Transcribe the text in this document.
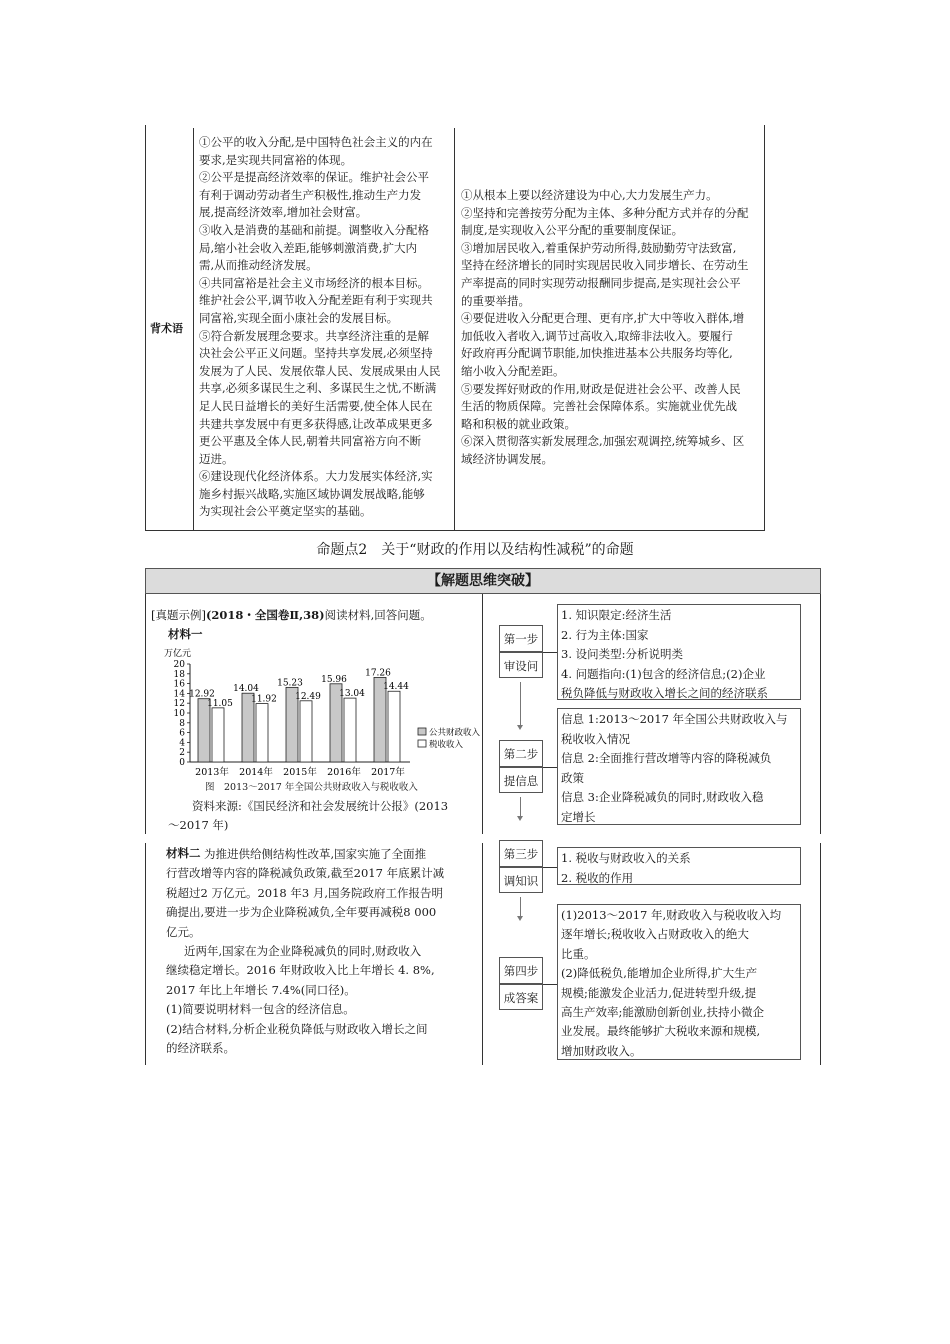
背术语
①公平的收入分配,是中国特色社会主义的内在
要求,是实现共同富裕的体现。
②公平是提高经济效率的保证。维护社会公平
有利于调动劳动者生产积极性,推动生产力发
展,提高经济效率,增加社会财富。
③收入是消费的基础和前提。调整收入分配格
局,缩小社会收入差距,能够刺激消费,扩大内
需,从而推动经济发展。
④共同富裕是社会主义市场经济的根本目标。
维护社会公平,调节收入分配差距有利于实现共
同富裕,实现全面小康社会的发展目标。
⑤符合新发展理念要求。共享经济注重的是解
决社会公平正义问题。坚持共享发展,必须坚持
发展为了人民、发展依靠人民、发展成果由人民
共享,必须多谋民生之利、多谋民生之忧,不断满
足人民日益增长的美好生活需要,使全体人民在
共建共享发展中有更多获得感,让改革成果更多
更公平惠及全体人民,朝着共同富裕方向不断
迈进。
⑥建设现代化经济体系。大力发展实体经济,实
施乡村振兴战略,实施区域协调发展战略,能够
为实现社会公平奠定坚实的基础。
①从根本上要以经济建设为中心,大力发展生产力。
②坚持和完善按劳分配为主体、多种分配方式并存的分配
制度,是实现收入公平分配的重要制度保证。
③增加居民收入,着重保护劳动所得,鼓励勤劳守法致富,
坚持在经济增长的同时实现居民收入同步增长、在劳动生
产率提高的同时实现劳动报酬同步提高,是实现社会公平
的重要举措。
④要促进收入分配更合理、更有序,扩大中等收入群体,增
加低收入者收入,调节过高收入,取缔非法收入。要履行
好政府再分配调节职能,加快推进基本公共服务均等化,
缩小收入分配差距。
⑤要发挥好财政的作用,财政是促进社会公平、改善人民
生活的物质保障。完善社会保障体系。实施就业优先战
略和积极的就业政策。
⑥深入贯彻落实新发展理念,加强宏观调控,统筹城乡、区
域经济协调发展。
命题点2　关于“财政的作用以及结构性减税”的命题
【解题思维突破】
[真题示例](2018・全国卷Ⅱ,38)阅读材料,回答问题。
材料一
万亿元
0
2
4
6
8
10
12
14
16
18
20
12.92
11.05
2013年
14.04
11.92
2014年
15.23
12.49
2015年
15.96
13.04
2016年
17.26
14.44
2017年
公共财政收入
税收收入
图　2013～2017 年全国公共财政收入与税收收入
资料来源:《国民经济和社会发展统计公报》(2013
～2017 年)
材料二 为推进供给侧结构性改革,国家实施了全面推
行营改增等内容的降税减负政策,截至2017 年底累计减
税超过2 万亿元。2018 年3 月,国务院政府工作报告明
确提出,要进一步为企业降税减负,全年要再减税8 000
亿元。
近两年,国家在为企业降税减负的同时,财政收入
继续稳定增长。2016 年财政收入比上年增长 4. 8%,
2017 年比上年增长 7.4%(同口径)。
(1)简要说明材料一包含的经济信息。
(2)结合材料,分析企业税负降低与财政收入增长之间
的经济联系。
第一步
审设问
1. 知识限定:经济生活
2. 行为主体:国家
3. 设问类型:分析说明类
4. 问题指向:(1)包含的经济信息;(2)企业
税负降低与财政收入增长之间的经济联系
第二步
提信息
信息 1:2013～2017 年全国公共财政收入与
税收收入情况
信息 2:全面推行营改增等内容的降税减负
政策
信息 3:企业降税减负的同时,财政收入稳
定增长
第三步
调知识
1. 税收与财政收入的关系
2. 税收的作用
第四步
成答案
(1)2013～2017 年,财政收入与税收收入均
逐年增长;税收收入占财政收入的绝大
比重。
(2)降低税负,能增加企业所得,扩大生产
规模;能激发企业活力,促进转型升级,提
高生产效率;能激励创新创业,扶持小微企
业发展。最终能够扩大税收来源和规模,
增加财政收入。
